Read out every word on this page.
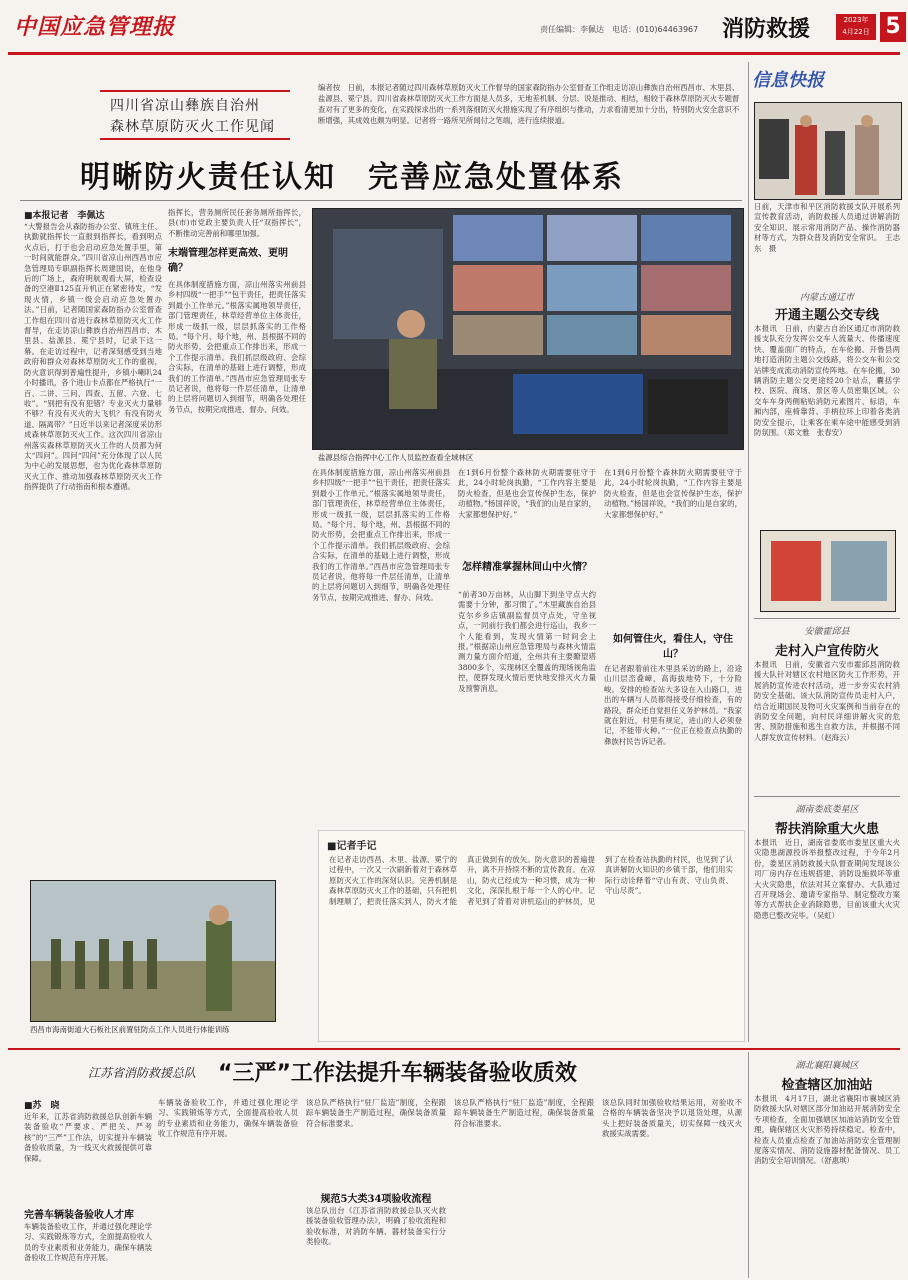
中国应急管理报	责任编辑：李佩达　电话：(010)64463967 消防救援	2023年
4月22日 5
四川省凉山彝族自治州
森林草原防灭火工作见闻
编者按　日前，本报记者随过四川森林草原防灭火工作督导的国家森防指办公室督查工作组走访凉山彝族自治州西昌市、木里县、盐源县、冕宁县。四川省森林草原防灭火工作方面是人员多，无地差机制、分层、说是推动、相结，相较于森林草原防灭火专题督查对有了更多的变化，在实践探求出的一系列落细防灭火措施实现了有序组织与推动，力求看清更加十分出，特别防火安全意识不断增强，其成效也颇为明显。记者将一路所见所闻付之笔端，进行连续报道。
明晰防火责任认知　完善应急处置体系
■本报记者　李佩达
“大警报告会从森防指办公室、镇班主任、执勤就指挥长一直报到指挥长，看到明点火点后，打于也会启动应急处置手里，第一时间就能群众。”四川省凉山州西昌市应急管理局专职副指挥长周建国说，在他身后的广场上，森府明航观看大屏，检查设备的空港Ⅱ125直升机正在紧密待发，“发现火情，乡镇一级会启动应急处置办法。”日前，记者随国家森防指办公室督查工作组在四川省进行森林草原防灭火工作督导，在走访凉山彝族自治州西昌市、木里县、盐源县、冕宁县时，记录下这一幕。在走访过程中，记者深刻感受到当地政府和群众对森林草原防火工作的重视，防火意识得到普遍性提升，乡镇小喇叭24小时播讯，各个进山卡点都在严格执行“一百、二讲、三问、四查、五留、六登、七收”。“别把有没有犯错？专业灭火力量够不够？有没有灭火的大飞机？有没有防火道、隔离带？”日近半以来记者深度采访形成森林草原防灭火工作。这次四川省凉山州落实森林草原防灭火工作的人员都为何太“四问”。四问“四问”充分体现了以人民为中心的发展思想，也为优化森林草原防灭火工作、推动加强森林草原防灭火工作指挥提供了行动指南和根本遵循。
指挥长，营务厕所民任套务厕所指挥长，县(市)市党政主要负责人任“双指挥长”，不断推动完善前和哪里加强。
末端管理怎样更高效、更明确？
在具体制度措施方面，凉山州落实州前县乡村四级“一把手”“包干责任，把责任落实到最小工作单元。”根落实属地领导责任，部门管理责任，林草经营单位主体责任，形成一级抓一级，层层抓落实的工作格局。“每个月、每个地，州、县根据不同的防火形势，会把重点工作排出来，形成一个工作提示清单。我们抓层级政府、会综合实际，在清单的基础上进行调整，形成我们的工作清单。”西昌市应急管理局张专员记者说，他将每一件层任清单，让清单的上层将问题切入到细节，明确各处理任务节点，按期完成推进、督办、问效。
盐源县综合指挥中心工作人员监控查看全域林区
在具体制度措施方面，凉山州落实州前县乡村四级“一把手”“包干责任，把责任落实到最小工作单元。”根落实属地领导责任，部门管理责任，林草经营单位主体责任，形成一级抓一级，层层抓落实的工作格局。“每个月、每个地，州、县根据不同的防火形势，会把重点工作排出来，形成一个工作提示清单。我们抓层级政府、会综合实际，在清单的基础上进行调整，形成我们的工作清单。”西昌市应急管理局张专员记者说，他将每一件层任清单，让清单的上层将问题切入到细节，明确各处理任务节点，按期完成推进、督办、问效。
怎样精准掌握林间山中火情？
“前者30万亩林，从山脚下到坐守点大约需要十分钟，都习惯了。”木里藏族自治县克尔乡乡店镇副监督员守点处，守坐视点，一同前行我们都会进行巡山，我乡一个人能看到，发现火情第一时间会上报。”根据凉山州应急管理局与森林火情监测力量方面介绍道，全州共有主要瞭望塔3800多个，实现林区全覆盖的现场视角监控，使群发现火情后更快地安排灭火力量及预警消息。
在1到6月份整个森林防火期需要驻守于此，24小时轮岗执勤，“工作内容主要是防火检查，但是也会宣传保护生态，保护动植物。”杨国祥说，“我们的山是自家的，大家都想保护好。”
如何管住火，看住人，守住山？
在记者跟着前往木里县采访的路上，沿途山川层峦叠嶂，高海拔地势下，十分险峻。安排的检查站大多设在入山路口，进出的车辆与人员都得接受仔细检查，有的路段，群众还自觉担任义务护林员。“我家就在附近，村里有规定，进山的人必须登记，不能带火种。”一位正在检查点执勤的彝族村民告诉记者。
在1到6月份整个森林防火期需要驻守于此，24小时轮岗执勤，“工作内容主要是防火检查，但是也会宣传保护生态，保护动植物。”杨国祥说，“我们的山是自家的，大家都想保护好。”
西昌市海南街道大石板社区前置驻防点工作人员进行体能训练
■记者手记
在记者走访西昌、木里、盐源、冕宁的过程中，一次又一次刷新着对于森林草原防灭火工作的深刻认识。完善机制是森林草原防灭火工作的基础，只有把机制理顺了，把责任落实到人，防火才能真正做到有的放矢。防火意识的普遍提升，离不开持续不断的宣传教育。在凉山，防火已经成为一种习惯，成为一种文化，深深扎根于每一个人的心中。记者见到了背着对讲机巡山的护林员，见到了在检查站执勤的村民，也见到了认真讲解防火知识的乡镇干部，他们用实际行动诠释着“守山有责、守山负责、守山尽责”。
信息快报
日前，天津市和平区消防救援支队开展系列宣传教育活动，消防救援人员通过讲解消防安全知识、展示常用消防产品、操作消防器材等方式，为群众普及消防安全常识。　王志东　摄
内蒙古通辽市
开通主题公交专线
本报讯　日前，内蒙古自治区通辽市消防救援支队充分发挥公交车人流量大、传播速度快、覆盖面广的特点，在车伦搬、开鲁县两地打造消防主题公交线路，将公交车和公交站牌变成流动消防宣传阵地。在车伦搬，30辆消防主题公交更途经20个站点，囊括学校、医院、商场、景区等人员密集区域。公交车车身两侧粘贴消防元素图片、标语，车厢内部，座椅靠背、手柄拉环上印着各类消防安全提示，让乘客在乘车途中能感受到消防氛围。（郑文雅　张春安）
安徽霍邱县
走村入户宣传防火
本报讯　日前，安徽省六安市霍邱县消防救援大队针对辖区农村地区防火工作形势，开展消防宣传进农村活动，进一步夯实农村消防安全基础。该大队消防宣传员走村入户，结合近期国民及物可火灾案例和当前存在的消防安全问题，向村民详细讲解火灾的危害、预防措施和逃生自救方法，并根据不同人群发放宣传材料。（赵海云）
湖南娄底娄星区
帮扶消除重大火患
本报讯　近日，湖南省娄底市娄星区重大火灾隐患湖源投诉举报整改过程，于今年2月份，娄星区消防救援大队督查期间发现该公司厂房内存在违规搭建、消防设施损坏等重大火灾隐患，依法对其立案督办。大队通过召开现场会、邀请专家指导、制定整改方案等方式帮扶企业消除隐患，目前该重大火灾隐患已整改完毕。（吴虹）
江苏省消防救援总队 “三严”工作法提升车辆装备验收质效
■苏　晓
近年来，江苏省消防救援总队创新车辆装备验收“严要求、严把关、严考核”的“三严”工作法，切实提升车辆装备验收质量，为一线灭火救援提供可靠保障。
完善车辆装备验收人才库
车辆装备验收工作，并通过强化理论学习、实践锻炼等方式，全面提高验收人员的专业素质和业务能力，确保车辆装备验收工作规范有序开展。
车辆装备验收工作，并通过强化理论学习、实践锻炼等方式，全面提高验收人员的专业素质和业务能力，确保车辆装备验收工作规范有序开展。
该总队严格执行“驻厂监造”制度，全程跟踪车辆装备生产制造过程，确保装备质量符合标准要求。
规范5大类34项验收流程
该总队出台《江苏省消防救援总队灭火救援装备验收管理办法》，明确了验收流程和验收标准，对消防车辆、器材装备实行分类验收。
该总队严格执行“驻厂监造”制度，全程跟踪车辆装备生产制造过程，确保装备质量符合标准要求。
该总队同时加强验收结果运用，对验收不合格的车辆装备坚决予以退货处理，从源头上把好装备质量关，切实保障一线灭火救援实战需要。
湖北襄阳襄城区
检查辖区加油站
本报讯　4月17日，湖北省襄阳市襄城区消防救援大队对辖区部分加油站开展消防安全专项检查，全面加强辖区加油站消防安全管理，确保辖区火灾形势持续稳定。检查中，检查人员重点检查了加油站消防安全管理制度落实情况、消防设施器材配备情况、员工消防安全培训情况。（舒惠琪）
